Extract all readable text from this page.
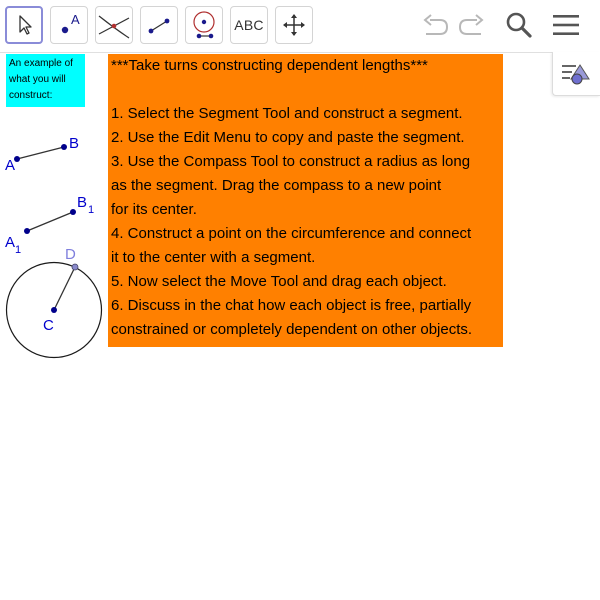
A	ABC
An example of
what you will
construct:
***Take turns constructing dependent lengths***
1. Select the Segment Tool and construct a segment.
2. Use the Edit Menu to copy and paste the segment.
3. Use the Compass Tool to construct a radius as long
as the segment. Drag the compass to a new point
for its center.
4. Construct a point on the circumference and connect
it to the center with a segment.
5. Now select the Move Tool and drag each object.
6. Discuss in the chat how each object is free, partially
constrained or completely dependent on other objects.
A
B
A 1
B 1
C
D
